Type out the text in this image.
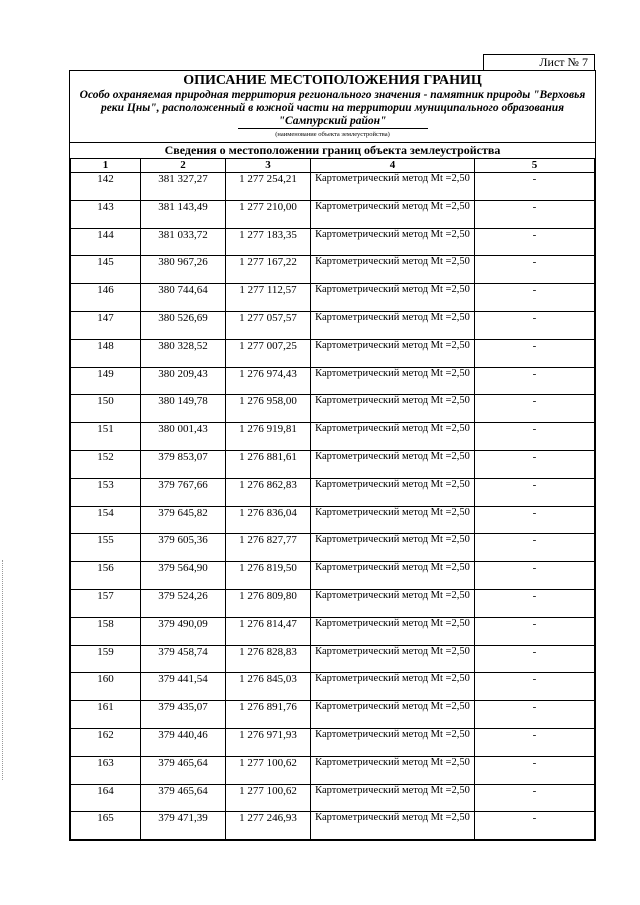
Лист № 7
ОПИСАНИЕ МЕСТОПОЛОЖЕНИЯ ГРАНИЦ
Особо охраняемая природная территория регионального значения - памятник природы "Верховья реки Цны", расположенный в южной части на территории муниципального образования "Сампурский район"
(наименование объекта землеустройства)
Сведения о местоположении границ объекта землеустройства
1	2	3	4	5
142	381 327,27	1 277 254,21	Картометрический метод Mt =2,50	-
143	381 143,49	1 277 210,00	Картометрический метод Mt =2,50	-
144	381 033,72	1 277 183,35	Картометрический метод Mt =2,50	-
145	380 967,26	1 277 167,22	Картометрический метод Mt =2,50	-
146	380 744,64	1 277 112,57	Картометрический метод Mt =2,50	-
147	380 526,69	1 277 057,57	Картометрический метод Mt =2,50	-
148	380 328,52	1 277 007,25	Картометрический метод Mt =2,50	-
149	380 209,43	1 276 974,43	Картометрический метод Mt =2,50	-
150	380 149,78	1 276 958,00	Картометрический метод Mt =2,50	-
151	380 001,43	1 276 919,81	Картометрический метод Mt =2,50	-
152	379 853,07	1 276 881,61	Картометрический метод Mt =2,50	-
153	379 767,66	1 276 862,83	Картометрический метод Mt =2,50	-
154	379 645,82	1 276 836,04	Картометрический метод Mt =2,50	-
155	379 605,36	1 276 827,77	Картометрический метод Mt =2,50	-
156	379 564,90	1 276 819,50	Картометрический метод Mt =2,50	-
157	379 524,26	1 276 809,80	Картометрический метод Mt =2,50	-
158	379 490,09	1 276 814,47	Картометрический метод Mt =2,50	-
159	379 458,74	1 276 828,83	Картометрический метод Mt =2,50	-
160	379 441,54	1 276 845,03	Картометрический метод Mt =2,50	-
161	379 435,07	1 276 891,76	Картометрический метод Mt =2,50	-
162	379 440,46	1 276 971,93	Картометрический метод Mt =2,50	-
163	379 465,64	1 277 100,62	Картометрический метод Mt =2,50	-
164	379 465,64	1 277 100,62	Картометрический метод Mt =2,50	-
165	379 471,39	1 277 246,93	Картометрический метод Mt =2,50	-
